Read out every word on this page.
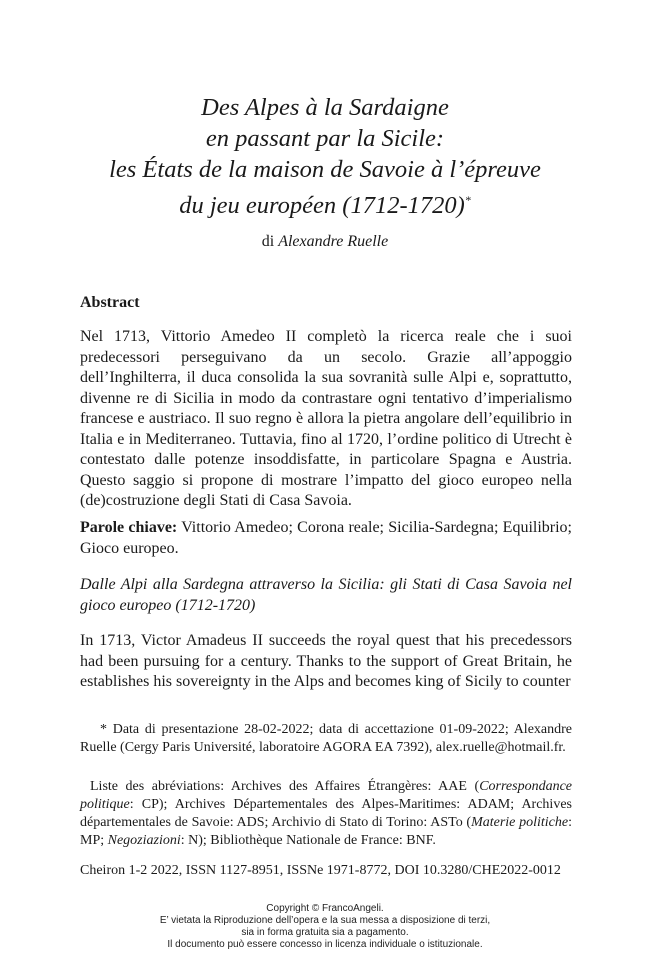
Des Alpes à la Sardaigne
en passant par la Sicile:
les États de la maison de Savoie à l’épreuve
du jeu européen (1712-1720)*
di Alexandre Ruelle
Abstract
Nel 1713, Vittorio Amedeo II completò la ricerca reale che i suoi predecessori perseguivano da un secolo. Grazie all’appoggio dell’Inghilterra, il duca consolida la sua sovranità sulle Alpi e, soprattutto, divenne re di Sicilia in modo da contrastare ogni tentativo d’imperialismo francese e austriaco. Il suo regno è allora la pietra angolare dell’equilibrio in Italia e in Mediterraneo. Tuttavia, fino al 1720, l’ordine politico di Utrecht è contestato dalle potenze insoddisfatte, in particolare Spagna e Austria. Questo saggio si propone di mostrare l’impatto del gioco europeo nella (de)costruzione degli Stati di Casa Savoia.
Parole chiave: Vittorio Amedeo; Corona reale; Sicilia-Sardegna; Equilibrio; Gioco europeo.
Dalle Alpi alla Sardegna attraverso la Sicilia: gli Stati di Casa Savoia nel gioco europeo (1712-1720)
In 1713, Victor Amadeus II succeeds the royal quest that his precedessors had been pursuing for a century. Thanks to the support of Great Britain, he establishes his sovereignty in the Alps and becomes king of Sicily to counter
* Data di presentazione 28-02-2022; data di accettazione 01-09-2022; Alexandre Ruelle (Cergy Paris Université, laboratoire AGORA EA 7392), alex.ruelle@hotmail.fr.
Liste des abréviations: Archives des Affaires Étrangères: AAE (Correspondance politique: CP); Archives Départementales des Alpes-Maritimes: ADAM; Archives départementales de Savoie: ADS; Archivio di Stato di Torino: ASTo (Materie politiche: MP; Negoziazioni: N); Bibliothèque Nationale de France: BNF.
Cheiron 1-2 2022, ISSN 1127-8951, ISSNe 1971-8772, DOI 10.3280/CHE2022-0012
Copyright © FrancoAngeli.
E’ vietata la Riproduzione dell’opera e la sua messa a disposizione di terzi,
sia in forma gratuita sia a pagamento.
Il documento può essere concesso in licenza individuale o istituzionale.
